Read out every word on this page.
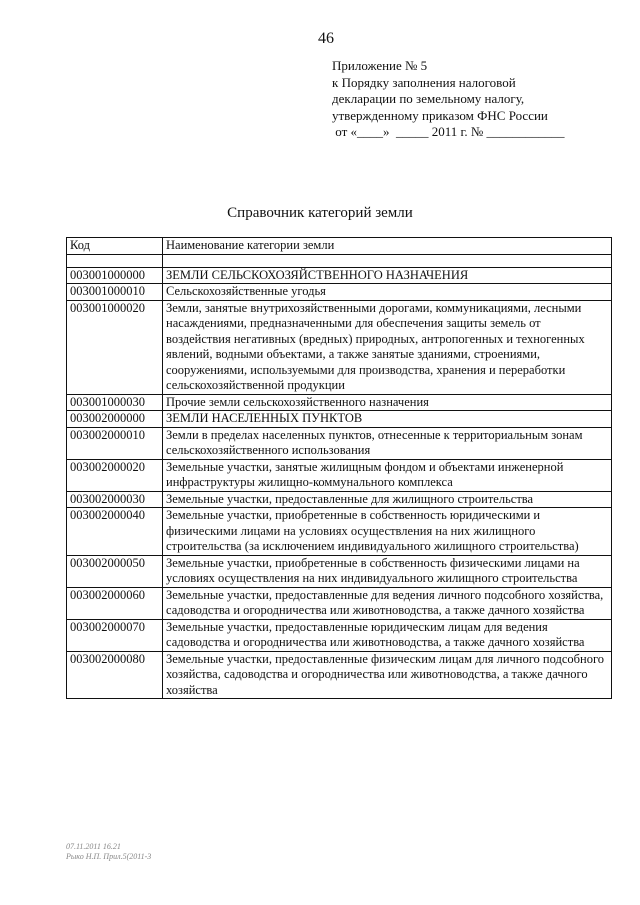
46
Приложение № 5
к Порядку заполнения налоговой
декларации по земельному налогу,
утвержденному приказом ФНС России
от «____»  _____ 2011 г. № ____________
Справочник категорий земли
Код	Наименование категории земли

003001000000	ЗЕМЛИ СЕЛЬСКОХОЗЯЙСТВЕННОГО НАЗНАЧЕНИЯ
003001000010	Сельскохозяйственные угодья
003001000020	Земли, занятые внутрихозяйственными дорогами, коммуникациями, лесными насаждениями, предназначенными для обеспечения защиты земель от воздействия негативных (вредных) природных, антропогенных и техногенных явлений, водными объектами, а также занятые зданиями, строениями, сооружениями, используемыми для производства, хранения и переработки сельскохозяйственной продукции
003001000030	Прочие земли сельскохозяйственного назначения
003002000000	ЗЕМЛИ НАСЕЛЕННЫХ ПУНКТОВ
003002000010	Земли в пределах населенных пунктов, отнесенные к территориальным зонам сельскохозяйственного использования
003002000020	Земельные участки, занятые жилищным фондом и объектами инженерной инфраструктуры жилищно-коммунального комплекса
003002000030	Земельные участки, предоставленные для жилищного строительства
003002000040	Земельные участки, приобретенные в собственность юридическими и физическими лицами на условиях осуществления на них жилищного строительства (за исключением индивидуального жилищного строительства)
003002000050	Земельные участки, приобретенные в собственность физическими лицами на условиях осуществления на них индивидуального жилищного строительства
003002000060	Земельные участки, предоставленные для ведения личного подсобного хозяйства, садоводства и огородничества или животноводства, а также дачного хозяйства
003002000070	Земельные участки, предоставленные юридическим лицам для ведения садоводства и огородничества или животноводства, а также дачного хозяйства
003002000080	Земельные участки, предоставленные физическим лицам для личного подсобного хозяйства, садоводства и огородничества или животноводства, а также дачного хозяйства
07.11.2011 16.21
Рыко Н.П. Прил.5(2011-3
